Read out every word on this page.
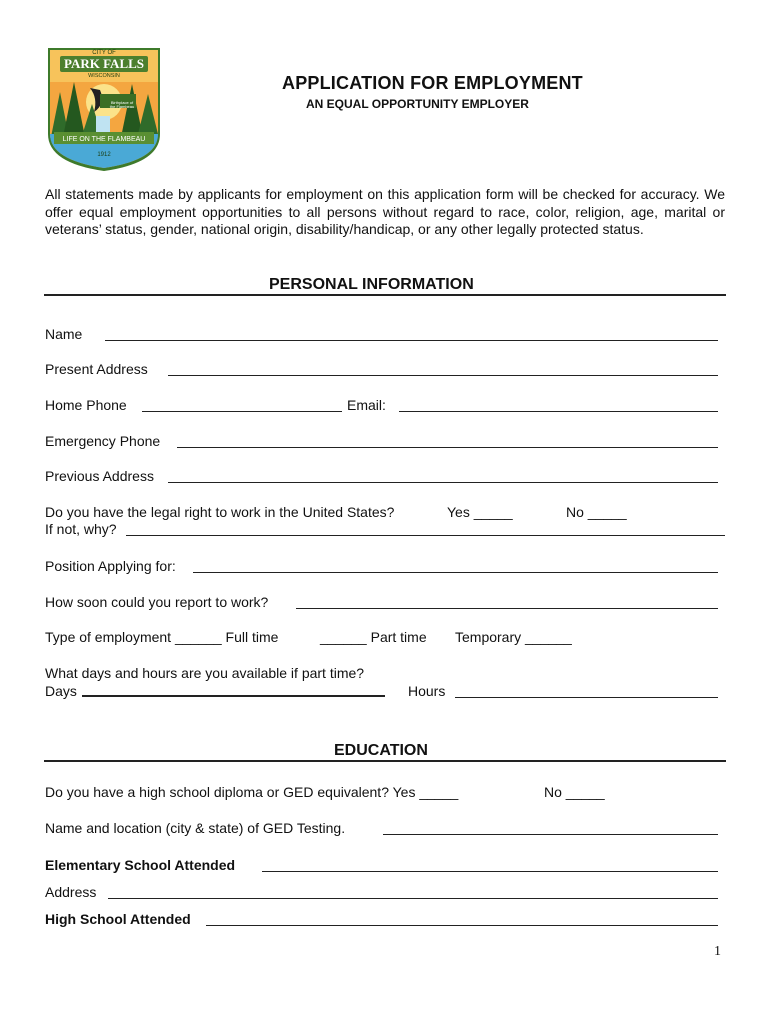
CITY OF
PARK FALLS
WISCONSIN
Birthplace of
the Flambeau
LIFE ON THE FLAMBEAU
1912
APPLICATION FOR EMPLOYMENT
AN EQUAL OPPORTUNITY EMPLOYER
All statements made by applicants for employment on this application form will be checked for accuracy. We offer equal employment opportunities to all persons without regard to race, color, religion, age, marital or veterans’ status, gender, national origin, disability/handicap, or any other legally protected status.
PERSONAL INFORMATION
Name
Present Address
Home Phone	Email:
Emergency Phone
Previous Address
Do you have the legal right to work in the United States?	Yes _____	No _____
If not, why?
Position Applying for:
How soon could you report to work?
Type of employment ______ Full time	______ Part time Temporary ______
What days and hours are you available if part time?
Days	Hours
EDUCATION
Do you have a high school diploma or GED equivalent? Yes _____	No _____
Name and location (city & state) of GED Testing.
Elementary School Attended
Address
High School Attended
1
